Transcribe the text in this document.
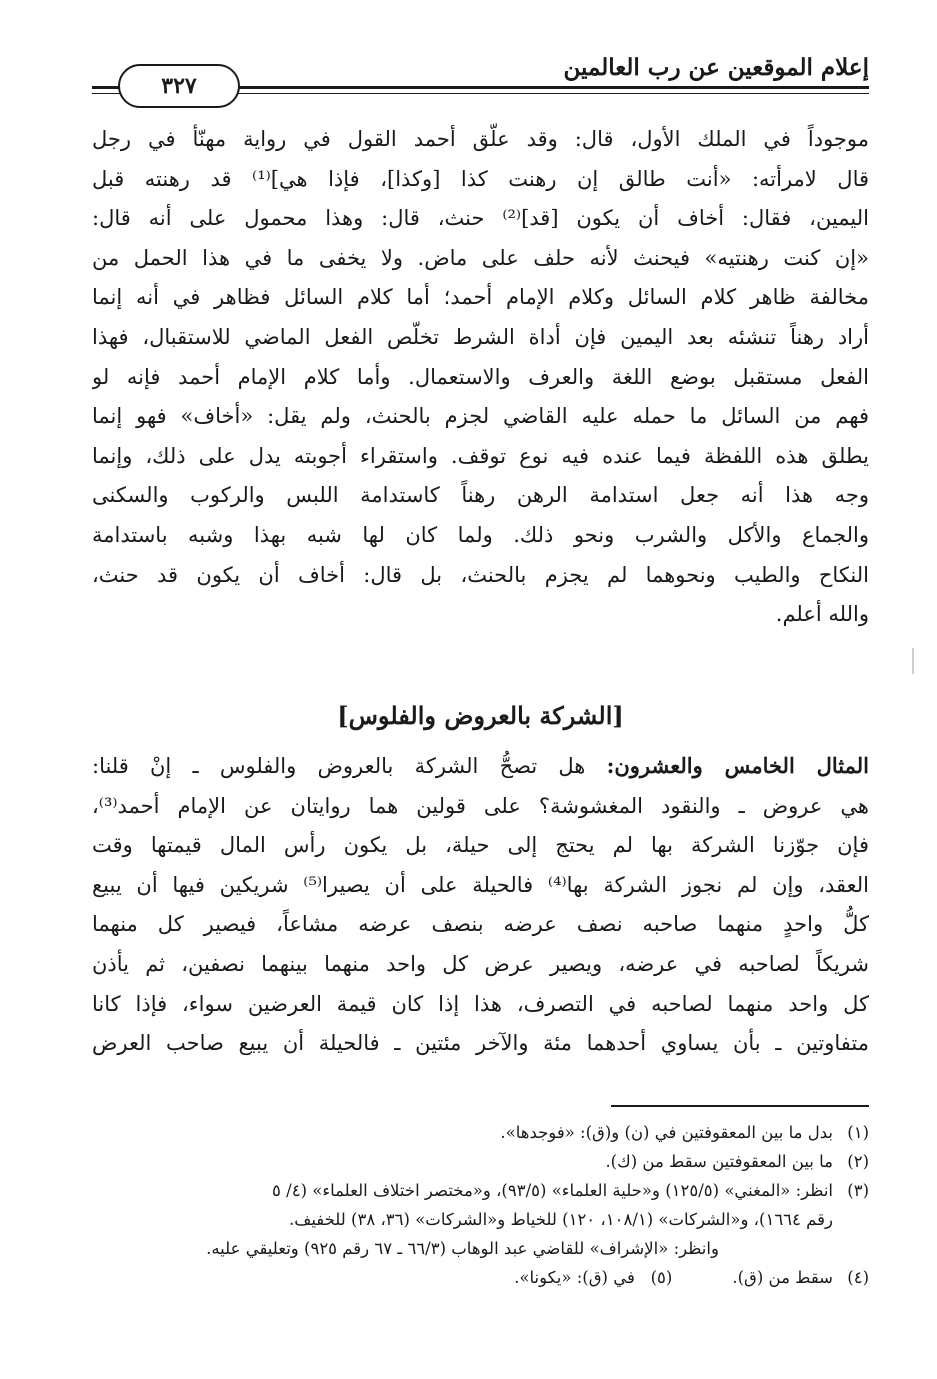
إعلام الموقعين عن رب العالمين
٣٢٧
موجوداً في الملك الأول، قال: وقد علّق أحمد القول في رواية مهنّأ في رجل
قال لامرأته: «أنت طالق إن رهنت كذا [وكذا]، فإذا هي]⁽¹⁾ قد رهنته قبل
اليمين، فقال: أخاف أن يكون [قد]⁽²⁾ حنث، قال: وهذا محمول على أنه قال:
«إن كنت رهنتيه» فيحنث لأنه حلف على ماض. ولا يخفى ما في هذا الحمل من
مخالفة ظاهر كلام السائل وكلام الإمام أحمد؛ أما كلام السائل فظاهر في أنه إنما
أراد رهناً تنشئه بعد اليمين فإن أداة الشرط تخلّص الفعل الماضي للاستقبال، فهذا
الفعل مستقبل بوضع اللغة والعرف والاستعمال. وأما كلام الإمام أحمد فإنه لو
فهم من السائل ما حمله عليه القاضي لجزم بالحنث، ولم يقل: «أخاف» فهو إنما
يطلق هذه اللفظة فيما عنده فيه نوع توقف. واستقراء أجوبته يدل على ذلك، وإنما
وجه هذا أنه جعل استدامة الرهن رهناً كاستدامة اللبس والركوب والسكنى
والجماع والأكل والشرب ونحو ذلك. ولما كان لها شبه بهذا وشبه باستدامة
النكاح والطيب ونحوهما لم يجزم بالحنث، بل قال: أخاف أن يكون قد حنث،
والله أعلم.
[الشركة بالعروض والفلوس]
المثال الخامس والعشرون: هل تصحُّ الشركة بالعروض والفلوس ـ إنْ قلنا:
هي عروض ـ والنقود المغشوشة؟ على قولين هما روايتان عن الإمام أحمد⁽³⁾،
فإن جوّزنا الشركة بها لم يحتج إلى حيلة، بل يكون رأس المال قيمتها وقت
العقد، وإن لم نجوز الشركة بها⁽⁴⁾ فالحيلة على أن يصيرا⁽⁵⁾ شريكين فيها أن يبيع
كلُّ واحدٍ منهما صاحبه نصف عرضه بنصف عرضه مشاعاً، فيصير كل منهما
شريكاً لصاحبه في عرضه، ويصير عرض كل واحد منهما بينهما نصفين، ثم يأذن
كل واحد منهما لصاحبه في التصرف، هذا إذا كان قيمة العرضين سواء، فإذا كانا
متفاوتين ـ بأن يساوي أحدهما مئة والآخر مئتين ـ فالحيلة أن يبيع صاحب العرض
(١)بدل ما بين المعقوفتين في (ن) و(ق): «فوجدها».
(٢)ما بين المعقوفتين سقط من (ك).
(٣)انظر: «المغني» (١٢٥/٥) و«حلية العلماء» (٩٣/٥)، و«مختصر اختلاف العلماء» (٤/ ٥
رقم ١٦٦٤)، و«الشركات» (١٠٨/١، ١٢٠) للخياط و«الشركات» (٣٦، ٣٨) للخفيف.
وانظر: «الإشراف» للقاضي عبد الوهاب (٦٦/٣ ـ ٦٧ رقم ٩٢٥) وتعليقي عليه.
(٤)سقط من (ق).(٥)   في (ق): «يكونا».
